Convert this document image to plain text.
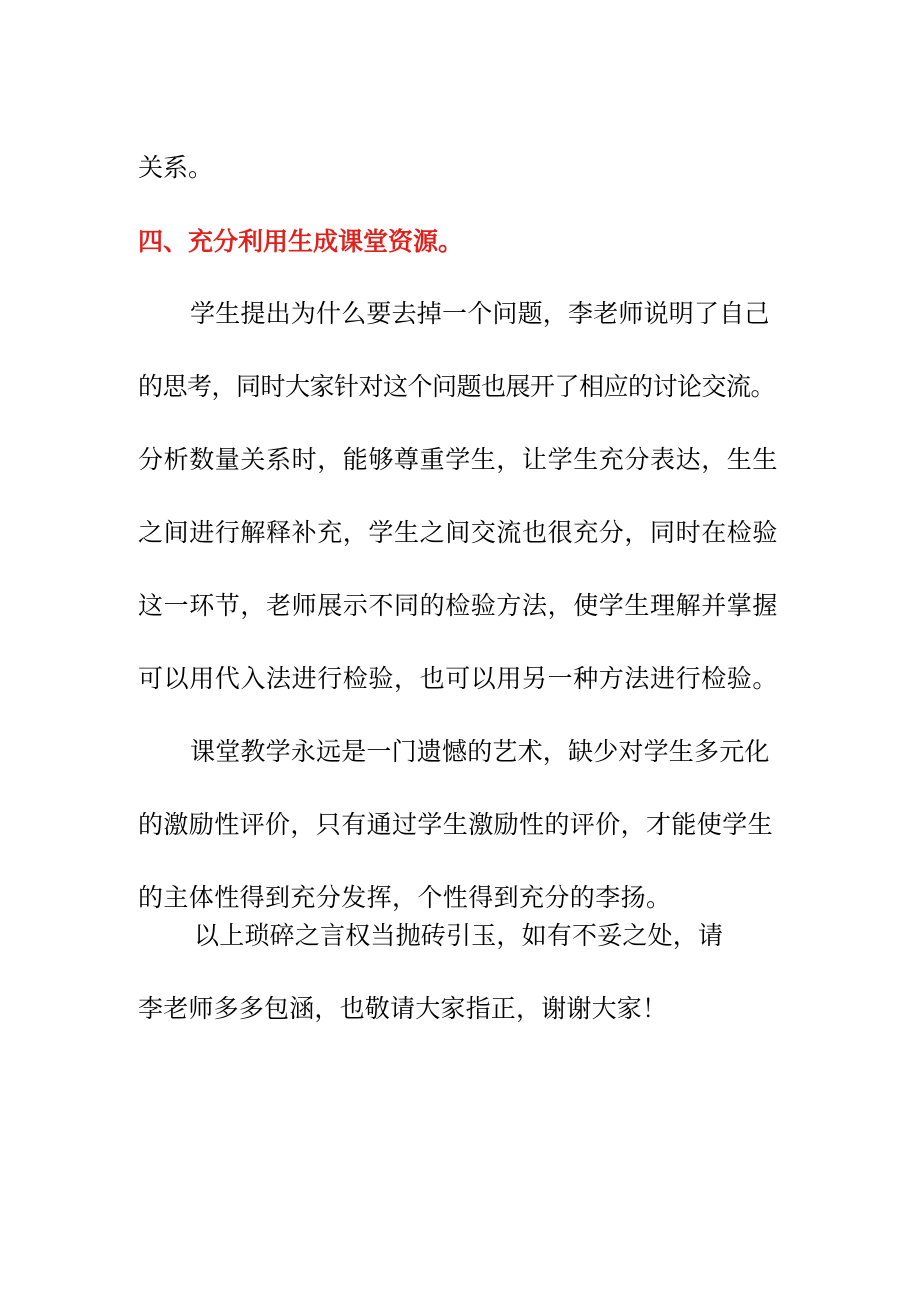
关系。

四、充分利用生成课堂资源。

学生提出为什么要去掉一个问题，李老师说明了自己

的思考，同时大家针对这个问题也展开了相应的讨论交流。

分析数量关系时，能够尊重学生，让学生充分表达，生生

之间进行解释补充，学生之间交流也很充分，同时在检验

这一环节，老师展示不同的检验方法，使学生理解并掌握

可以用代入法进行检验，也可以用另一种方法进行检验。

课堂教学永远是一门遗憾的艺术，缺少对学生多元化

的激励性评价，只有通过学生激励性的评价，才能使学生

的主体性得到充分发挥，个性得到充分的李扬。

以上琐碎之言权当抛砖引玉，如有不妥之处，请

李老师多多包涵，也敬请大家指正，谢谢大家！
